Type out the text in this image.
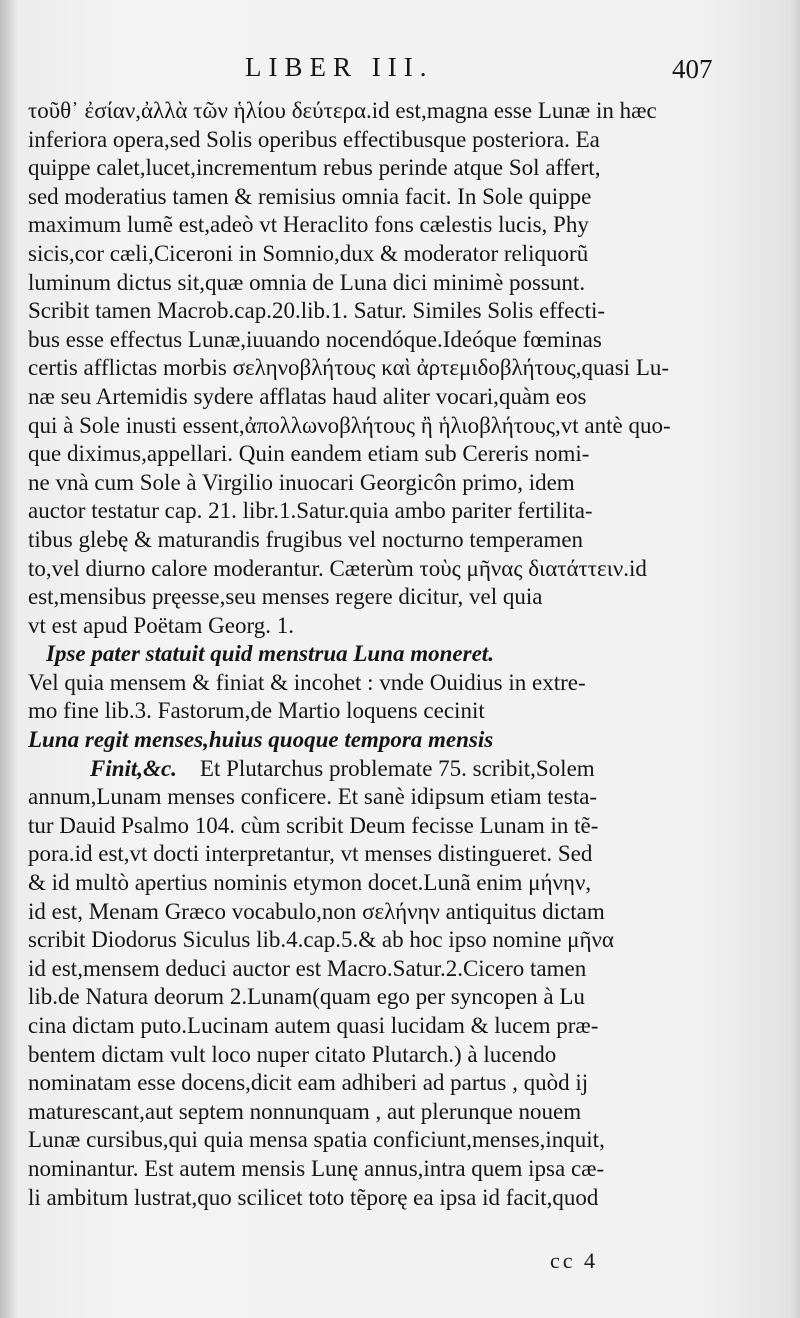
LIBER III.	407
τοῦθ᾽ ἐσίαν,ἀλλὰ τῶν ἡλίου δεύτερα.id est,magna esse Lunæ in hæc
inferiora opera,sed Solis operibus effectibusque posteriora. Ea
quippe calet,lucet,incrementum rebus perinde atque Sol affert,
sed moderatius tamen & remisius omnia facit. In Sole quippe
maximum lumẽ est,adeò vt Heraclito fons cælestis lucis, Phy
sicis,cor cæli,Ciceroni in Somnio,dux & moderator reliquorũ
luminum dictus sit,quæ omnia de Luna dici minimè possunt.
Scribit tamen Macrob.cap.20.lib.1. Satur. Similes Solis effecti-
bus esse effectus Lunæ,iuuando nocendóque.Ideóque fœminas
certis afflictas morbis σεληνοβλήτους καὶ ἀρτεμιδοβλήτους,quasi Lu-
næ seu Artemidis sydere afflatas haud aliter vocari,quàm eos
qui à Sole inusti essent,ἀπολλωνοβλήτους ἢ ἡλιοβλήτους,vt antè quo-
que diximus,appellari. Quin eandem etiam sub Cereris nomi-
ne vnà cum Sole à Virgilio inuocari Georgicôn primo, idem
auctor testatur cap. 21. libr.1.Satur.quia ambo pariter fertilita-
tibus glebę & maturandis frugibus vel nocturno temperamen
to,vel diurno calore moderantur. Cæterùm τοὺς μῆνας διατάττειν.id est,mensibus pręesse,seu menses regere dicitur, vel quia
vt est apud Poëtam Georg. 1.
Ipse pater statuit quid menstrua Luna moneret.
Vel quia mensem & finiat & incohet : vnde Ouidius in extre-
mo fine lib.3. Fastorum,de Martio loquens cecinit
Luna regit menses,huius quoque tempora mensis
Finit,&c. Et Plutarchus problemate 75. scribit,Solem
annum,Lunam menses conficere. Et sanè idipsum etiam testa-
tur Dauid Psalmo 104. cùm scribit Deum fecisse Lunam in tẽ-
pora.id est,vt docti interpretantur, vt menses distingueret. Sed
& id multò apertius nominis etymon docet.Lunã enim μήνην,
id est, Menam Græco vocabulo,non σελήνην antiquitus dictam
scribit Diodorus Siculus lib.4.cap.5.& ab hoc ipso nomine μῆνα
id est,mensem deduci auctor est Macro.Satur.2.Cicero tamen
lib.de Natura deorum 2.Lunam(quam ego per syncopen à Lu
cina dictam puto.Lucinam autem quasi lucidam & lucem præ-
bentem dictam vult loco nuper citato Plutarch.) à lucendo
nominatam esse docens,dicit eam adhiberi ad partus , quòd ij
maturescant,aut septem nonnunquam , aut plerunque nouem
Lunæ cursibus,qui quia mensa spatia conficiunt,menses,inquit,
nominantur. Est autem mensis Lunę annus,intra quem ipsa cæ-
li ambitum lustrat,quo scilicet toto tẽporę ea ipsa id facit,quod
cc 4
